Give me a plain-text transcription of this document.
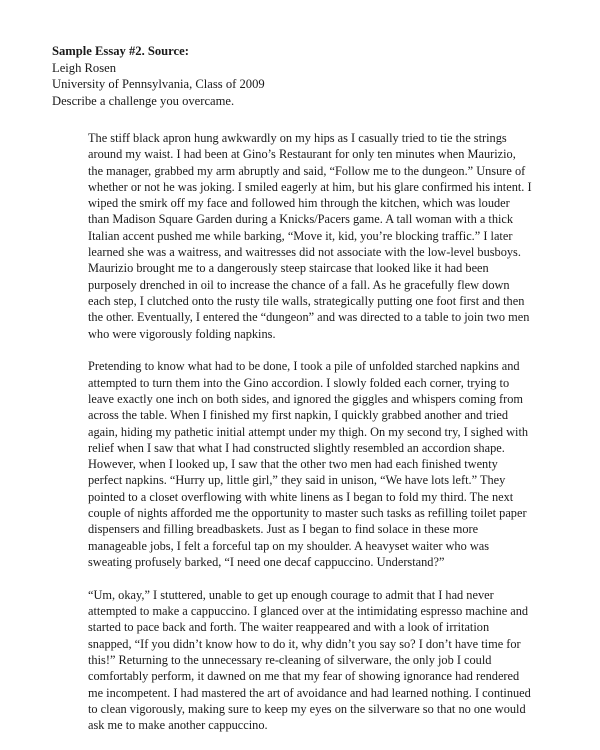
Sample Essay #2. Source:
Leigh Rosen
University of Pennsylvania, Class of 2009
Describe a challenge you overcame.
The stiff black apron hung awkwardly on my hips as I casually tried to tie the strings
around my waist. I had been at Gino’s Restaurant for only ten minutes when Maurizio,
the manager, grabbed my arm abruptly and said, “Follow me to the dungeon.” Unsure of
whether or not he was joking. I smiled eagerly at him, but his glare confirmed his intent. I
wiped the smirk off my face and followed him through the kitchen, which was louder
than Madison Square Garden during a Knicks/Pacers game. A tall woman with a thick
Italian accent pushed me while barking, “Move it, kid, you’re blocking traffic.” I later
learned she was a waitress, and waitresses did not associate with the low-level busboys.
Maurizio brought me to a dangerously steep staircase that looked like it had been
purposely drenched in oil to increase the chance of a fall. As he gracefully flew down
each step, I clutched onto the rusty tile walls, strategically putting one foot first and then
the other. Eventually, I entered the “dungeon” and was directed to a table to join two men
who were vigorously folding napkins.
Pretending to know what had to be done, I took a pile of unfolded starched napkins and
attempted to turn them into the Gino accordion. I slowly folded each corner, trying to
leave exactly one inch on both sides, and ignored the giggles and whispers coming from
across the table. When I finished my first napkin, I quickly grabbed another and tried
again, hiding my pathetic initial attempt under my thigh. On my second try, I sighed with
relief when I saw that what I had constructed slightly resembled an accordion shape.
However, when I looked up, I saw that the other two men had each finished twenty
perfect napkins. “Hurry up, little girl,” they said in unison, “We have lots left.” They
pointed to a closet overflowing with white linens as I began to fold my third. The next
couple of nights afforded me the opportunity to master such tasks as refilling toilet paper
dispensers and filling breadbaskets. Just as I began to find solace in these more
manageable jobs, I felt a forceful tap on my shoulder. A heavyset waiter who was
sweating profusely barked, “I need one decaf cappuccino. Understand?”
“Um, okay,” I stuttered, unable to get up enough courage to admit that I had never
attempted to make a cappuccino. I glanced over at the intimidating espresso machine and
started to pace back and forth. The waiter reappeared and with a look of irritation
snapped, “If you didn’t know how to do it, why didn’t you say so? I don’t have time for
this!” Returning to the unnecessary re-cleaning of silverware, the only job I could
comfortably perform, it dawned on me that my fear of showing ignorance had rendered
me incompetent. I had mastered the art of avoidance and had learned nothing. I continued
to clean vigorously, making sure to keep my eyes on the silverware so that no one would
ask me to make another cappuccino.
